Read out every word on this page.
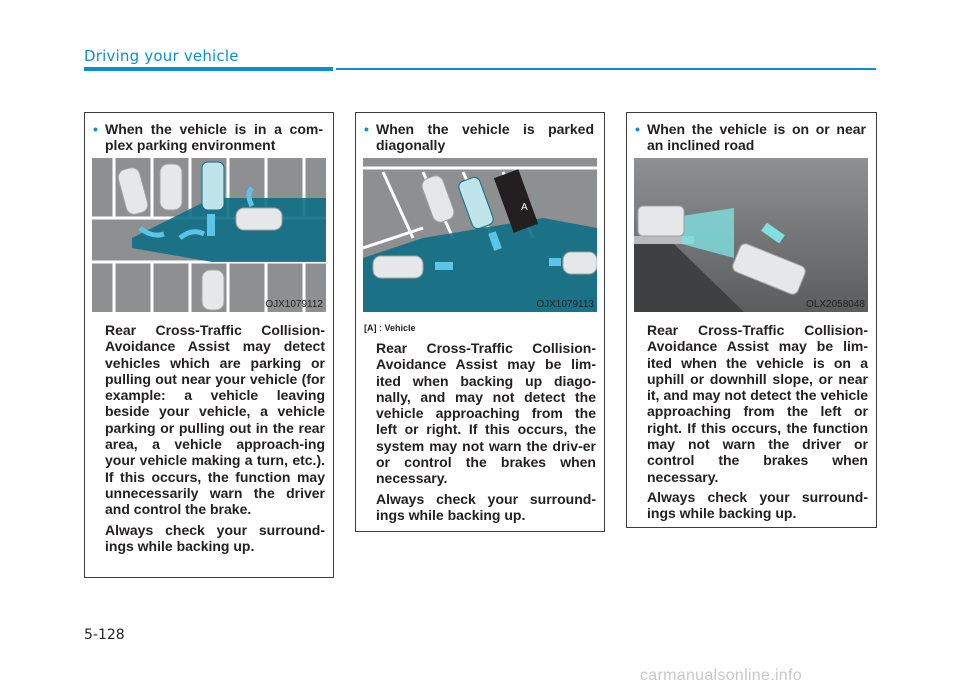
Driving your vehicle
• When the vehicle is in a com- plex parking environment
OJX1079112

Rear Cross-Traffic Collision-Avoidance Assist may detect vehicles which are parking or pulling out near your vehicle (for example: a vehicle leaving beside your vehicle, a vehicle parking or pulling out in the rear area, a vehicle approach-ing your vehicle making a turn, etc.). If this occurs, the function may unnecessarily warn the driver and control the brake.

Always check your surround-ings while backing up.

• When the vehicle is parked diagonally
A
OJX1079113
[A] : Vehicle

Rear Cross-Traffic Collision-Avoidance Assist may be lim-ited when backing up diago-nally, and may not detect the vehicle approaching from the left or right. If this occurs, the system may not warn the driv-er or control the brakes when necessary.

Always check your surround-ings while backing up.

• When the vehicle is on or near an inclined road
OLX2058048

Rear Cross-Traffic Collision-Avoidance Assist may be lim-ited when the vehicle is on a uphill or downhill slope, or near it, and may not detect the vehicle approaching from the left or right. If this occurs, the function may not warn the driver or control the brakes when necessary.

Always check your surround-ings while backing up.

5-128
carmanualsonline.info
